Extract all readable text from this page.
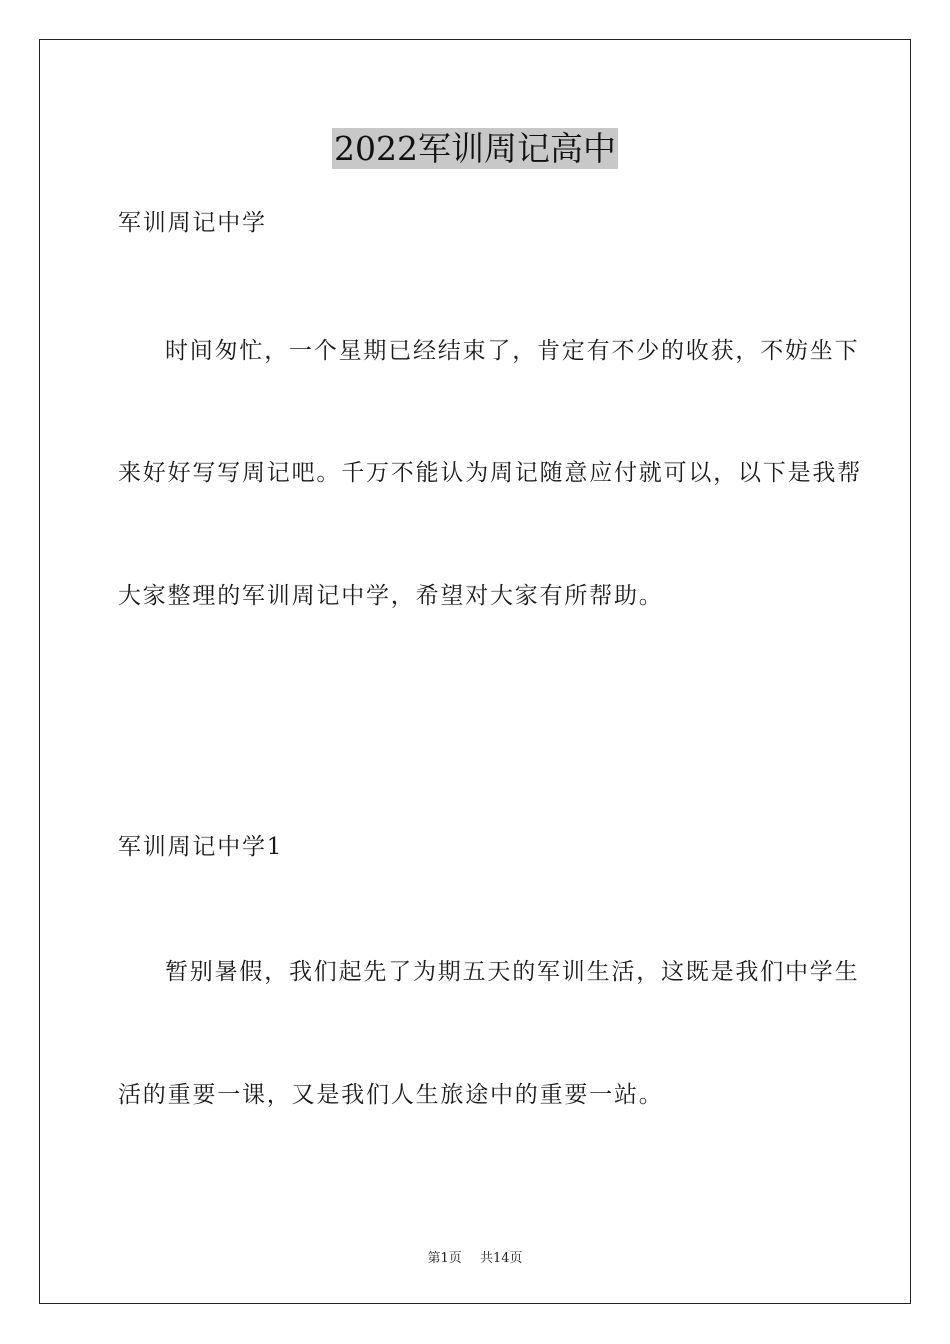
2022军训周记高中
军训周记中学
时间匆忙，一个星期已经结束了，肯定有不少的收获，不妨坐下
来好好写写周记吧。千万不能认为周记随意应付就可以，以下是我帮
大家整理的军训周记中学，希望对大家有所帮助。
军训周记中学1
暂别暑假，我们起先了为期五天的军训生活，这既是我们中学生
活的重要一课，又是我们人生旅途中的重要一站。
第1页 共14页
